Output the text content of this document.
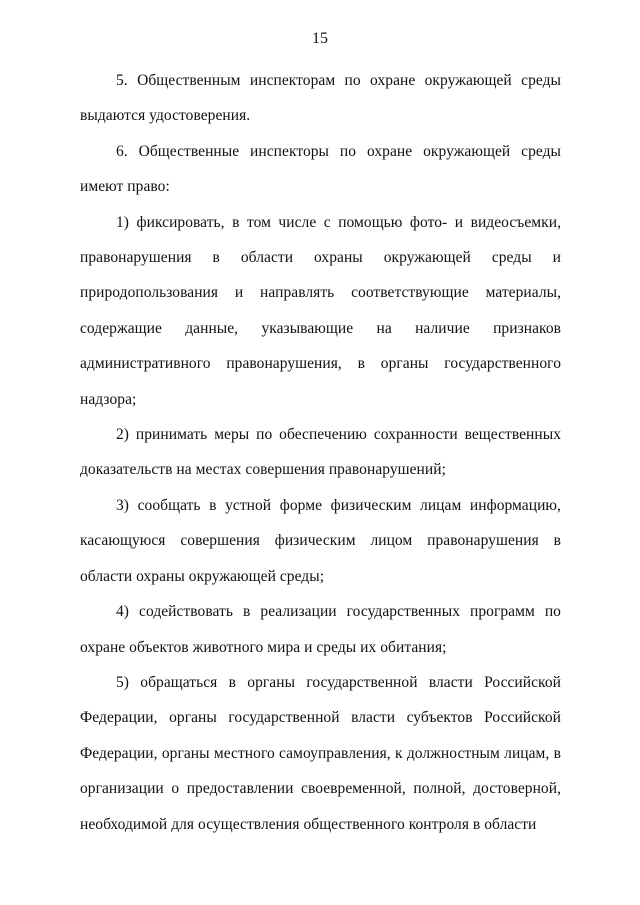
15

5. Общественным инспекторам по охране окружающей среды выдаются удостоверения.

6. Общественные инспекторы по охране окружающей среды имеют право:

1) фиксировать, в том числе с помощью фото- и видеосъемки, правонарушения в области охраны окружающей среды и природопользования и направлять соответствующие материалы, содержащие данные, указывающие на наличие признаков административного правонарушения, в органы государственного надзора;

2) принимать меры по обеспечению сохранности вещественных доказательств на местах совершения правонарушений;

3) сообщать в устной форме физическим лицам информацию, касающуюся совершения физическим лицом правонарушения в области охраны окружающей среды;

4) содействовать в реализации государственных программ по охране объектов животного мира и среды их обитания;

5) обращаться в органы государственной власти Российской Федерации, органы государственной власти субъектов Российской Федерации, органы местного самоуправления, к должностным лицам, в организации о предоставлении своевременной, полной, достоверной, необходимой для осуществления общественного контроля в области
